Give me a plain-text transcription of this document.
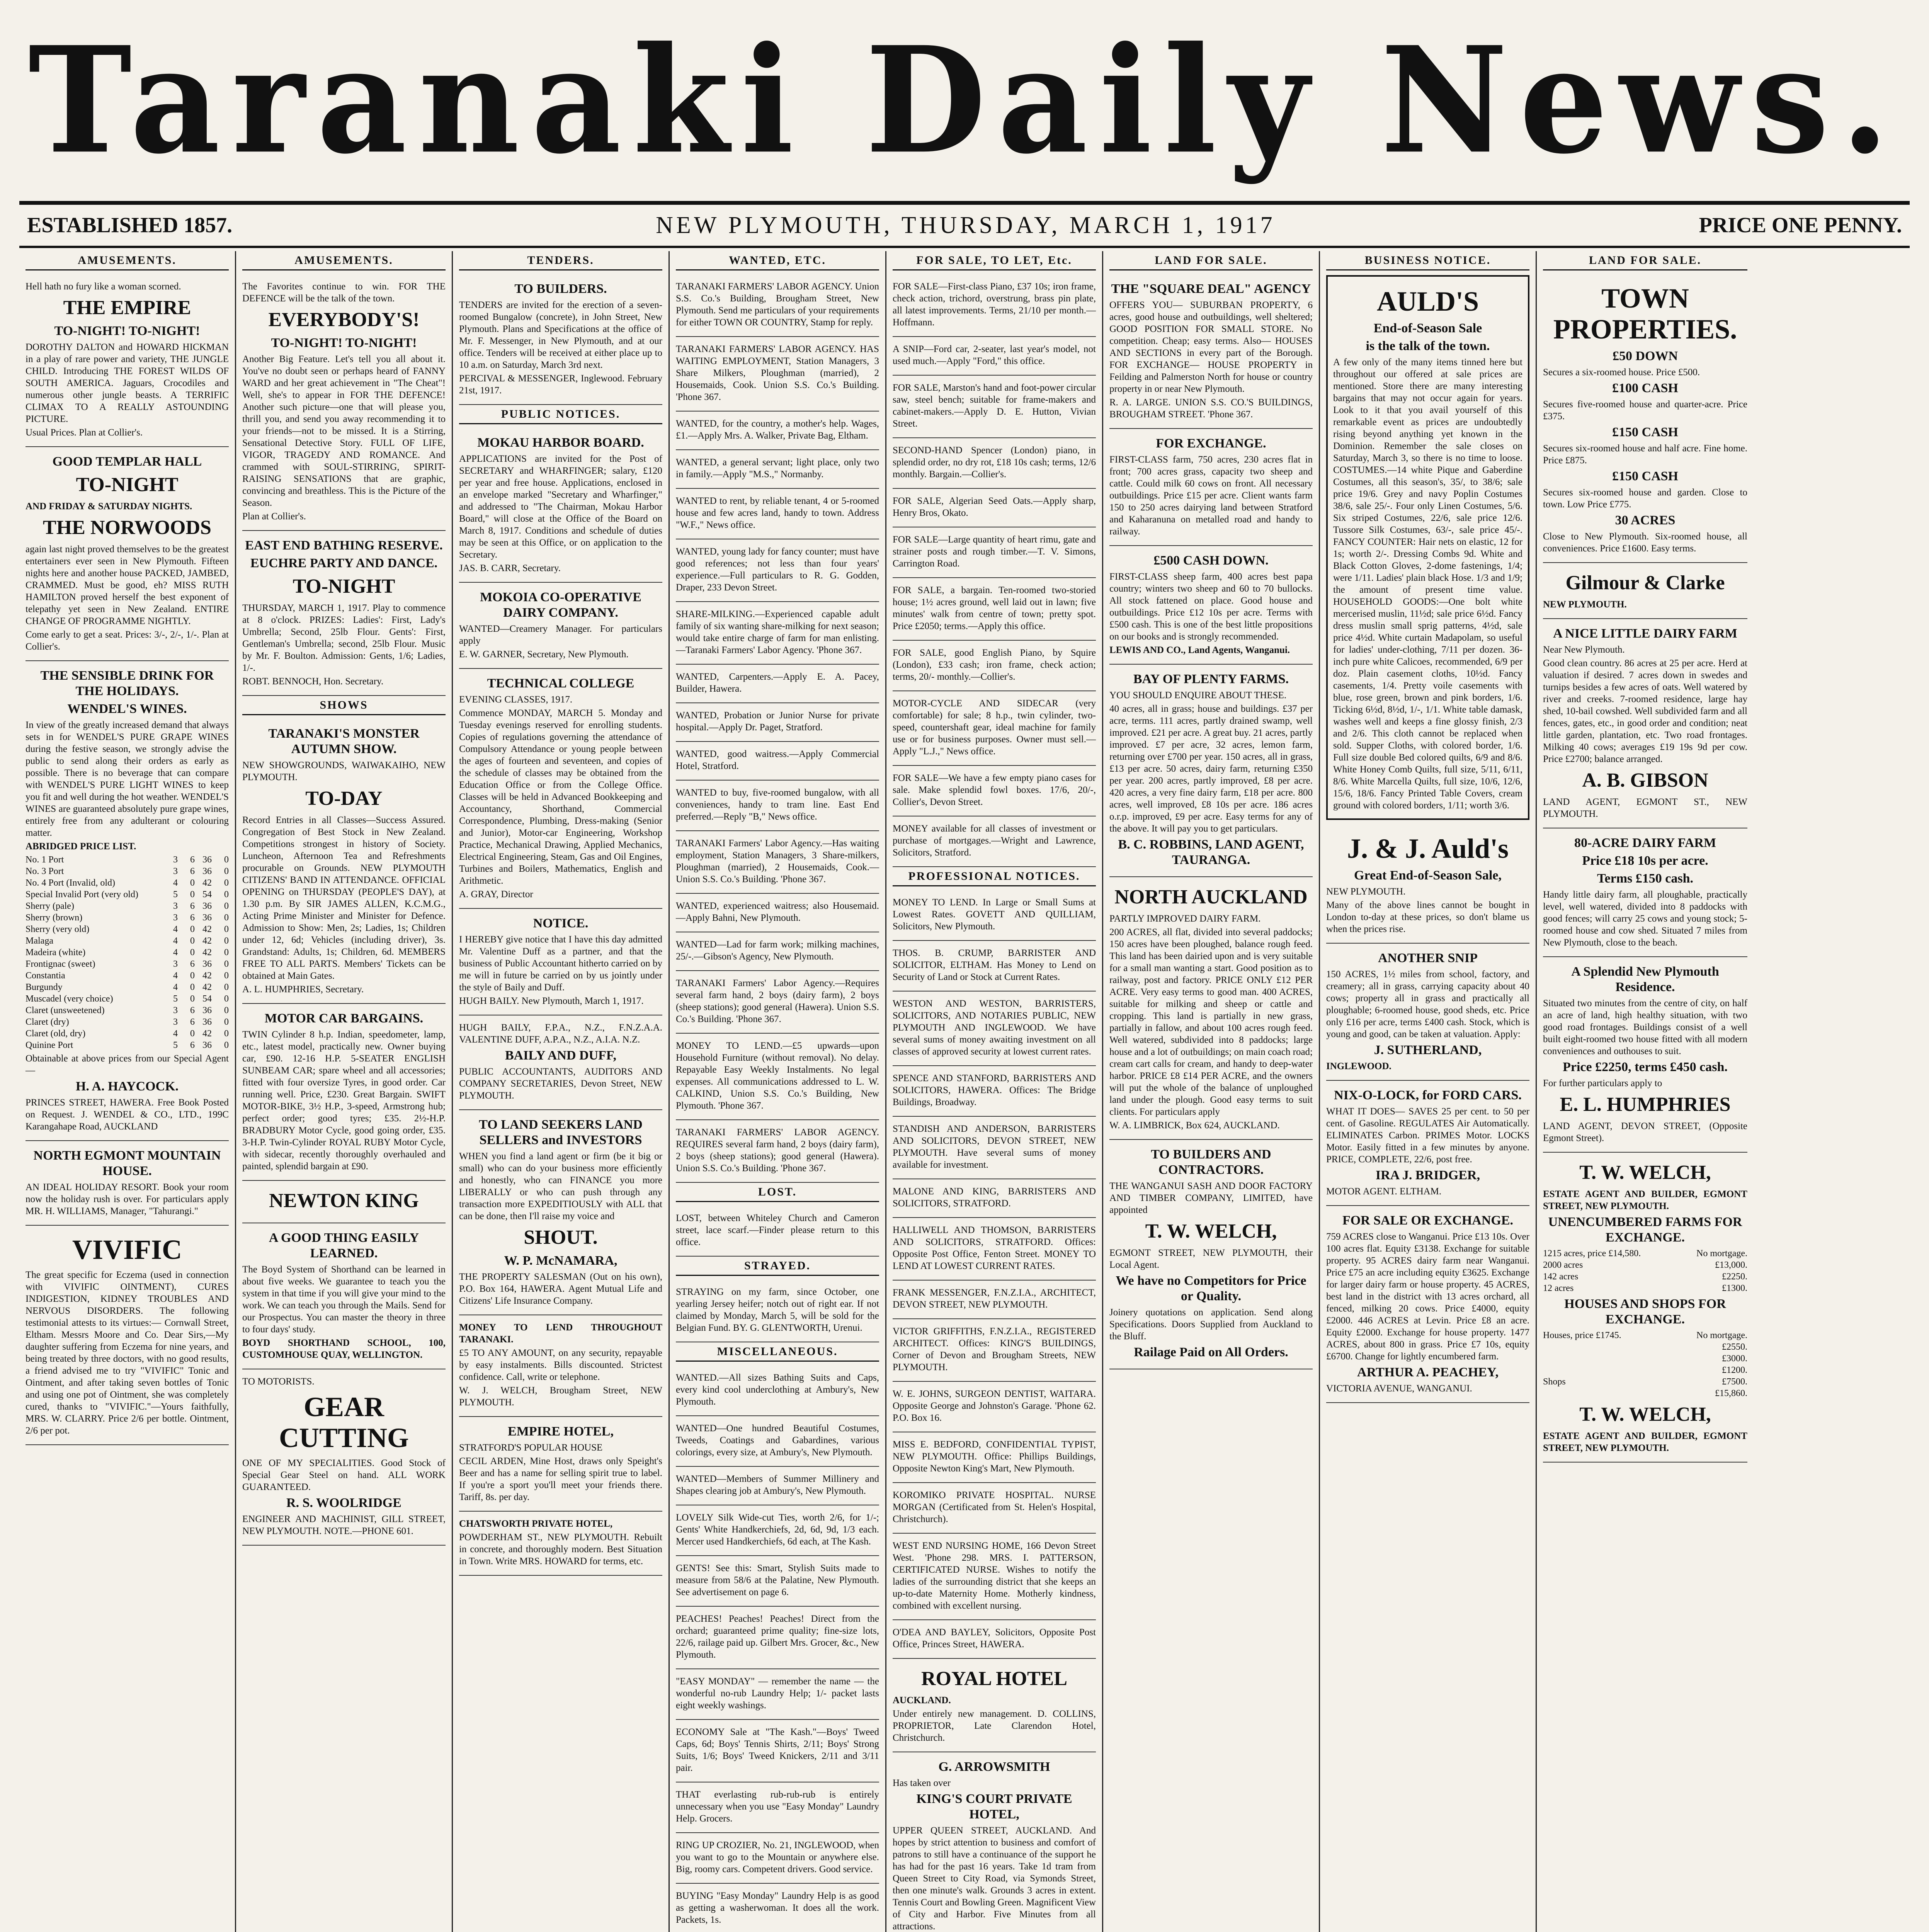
Taranaki Daily News.
ESTABLISHED 1857.	NEW PLYMOUTH, THURSDAY, MARCH 1, 1917	PRICE ONE PENNY.
AMUSEMENTS.

Hell hath no fury like a woman scorned.

THE EMPIRE
TO-NIGHT! TO-NIGHT!

DOROTHY DALTON and HOWARD HICKMAN in a play of rare power and variety, THE JUNGLE CHILD. Introducing THE FOREST WILDS OF SOUTH AMERICA. Jaguars, Crocodiles and numerous other jungle beasts. A TERRIFIC CLIMAX TO A REALLY ASTOUNDING PICTURE.

Usual Prices. Plan at Collier's.

GOOD TEMPLAR HALL
TO-NIGHT

AND FRIDAY & SATURDAY NIGHTS.

THE NORWOODS

again last night proved themselves to be the greatest entertainers ever seen in New Plymouth. Fifteen nights here and another house PACKED, JAMBED, CRAMMED. Must be good, eh? MISS RUTH HAMILTON proved herself the best exponent of telepathy yet seen in New Zealand. ENTIRE CHANGE OF PROGRAMME NIGHTLY.

Come early to get a seat. Prices: 3/-, 2/-, 1/-. Plan at Collier's.

THE SENSIBLE DRINK FOR THE HOLIDAYS.
WENDEL'S WINES.

In view of the greatly increased demand that always sets in for WENDEL'S PURE GRAPE WINES during the festive season, we strongly advise the public to send along their orders as early as possible. There is no beverage that can compare with WENDEL'S PURE LIGHT WINES to keep you fit and well during the hot weather. WENDEL'S WINES are guaranteed absolutely pure grape wines, entirely free from any adulterant or colouring matter.

ABRIDGED PRICE LIST.

No. 1 Port	3	6	36	0
No. 3 Port	3	6	36	0
No. 4 Port (Invalid, old)	4	0	42	0
Special Invalid Port (very old)	5	0	54	0
Sherry (pale)	3	6	36	0
Sherry (brown)	3	6	36	0
Sherry (very old)	4	0	42	0
Malaga	4	0	42	0
Madeira (white)	4	0	42	0
Frontignac (sweet)	3	6	36	0
Constantia	4	0	42	0
Burgundy	4	0	42	0
Muscadel (very choice)	5	0	54	0
Claret (unsweetened)	3	6	36	0
Claret (dry)	3	6	36	0
Claret (old, dry)	4	0	42	0
Quinine Port	5	6	36	0

Obtainable at above prices from our Special Agent—

H. A. HAYCOCK.

PRINCES STREET, HAWERA. Free Book Posted on Request. J. WENDEL & CO., LTD., 199C Karangahape Road, AUCKLAND

NORTH EGMONT MOUNTAIN HOUSE.

AN IDEAL HOLIDAY RESORT. Book your room now the holiday rush is over. For particulars apply MR. H. WILLIAMS, Manager, "Tahurangi."

VIVIFIC

The great specific for Eczema (used in connection with VIVIFIC OINTMENT), CURES INDIGESTION, KIDNEY TROUBLES AND NERVOUS DISORDERS. The following testimonial attests to its virtues:— Cornwall Street, Eltham. Messrs Moore and Co. Dear Sirs,—My daughter suffering from Eczema for nine years, and being treated by three doctors, with no good results, a friend advised me to try "VIVIFIC" Tonic and Ointment, and after taking seven bottles of Tonic and using one pot of Ointment, she was completely cured, thanks to "VIVIFIC."—Yours faithfully, MRS. W. CLARRY. Price 2/6 per bottle. Ointment, 2/6 per pot.

AMUSEMENTS.

The Favorites continue to win. FOR THE DEFENCE will be the talk of the town.

EVERYBODY'S!
TO-NIGHT! TO-NIGHT!

Another Big Feature. Let's tell you all about it. You've no doubt seen or perhaps heard of FANNY WARD and her great achievement in "The Cheat"! Well, she's to appear in FOR THE DEFENCE! Another such picture—one that will please you, thrill you, and send you away recommending it to your friends—not to be missed. It is a Stirring, Sensational Detective Story. FULL OF LIFE, VIGOR, TRAGEDY AND ROMANCE. And crammed with SOUL-STIRRING, SPIRIT-RAISING SENSATIONS that are graphic, convincing and breathless. This is the Picture of the Season.

Plan at Collier's.

EAST END BATHING RESERVE.
EUCHRE PARTY AND DANCE.
TO-NIGHT

THURSDAY, MARCH 1, 1917. Play to commence at 8 o'clock. PRIZES: Ladies': First, Lady's Umbrella; Second, 25lb Flour. Gents': First, Gentleman's Umbrella; second, 25lb Flour. Music by Mr. F. Boulton. Admission: Gents, 1/6; Ladies, 1/-.

ROBT. BENNOCH, Hon. Secretary.

SHOWS
TARANAKI'S MONSTER AUTUMN SHOW.

NEW SHOWGROUNDS, WAIWAKAIHO, NEW PLYMOUTH.

TO-DAY

Record Entries in all Classes—Success Assured. Congregation of Best Stock in New Zealand. Competitions strongest in history of Society. Luncheon, Afternoon Tea and Refreshments procurable on Grounds. NEW PLYMOUTH CITIZENS' BAND IN ATTENDANCE. OFFICIAL OPENING on THURSDAY (PEOPLE'S DAY), at 1.30 p.m. By SIR JAMES ALLEN, K.C.M.G., Acting Prime Minister and Minister for Defence. Admission to Show: Men, 2s; Ladies, 1s; Children under 12, 6d; Vehicles (including driver), 3s. Grandstand: Adults, 1s; Children, 6d. MEMBERS FREE TO ALL PARTS. Members' Tickets can be obtained at Main Gates.

A. L. HUMPHRIES, Secretary.

MOTOR CAR BARGAINS.

TWIN Cylinder 8 h.p. Indian, speedometer, lamp, etc., latest model, practically new. Owner buying car, £90. 12-16 H.P. 5-SEATER ENGLISH SUNBEAM CAR; spare wheel and all accessories; fitted with four oversize Tyres, in good order. Car running well. Price, £230. Great Bargain. SWIFT MOTOR-BIKE, 3½ H.P., 3-speed, Armstrong hub; perfect order; good tyres; £35. 2½-H.P. BRADBURY Motor Cycle, good going order, £35. 3-H.P. Twin-Cylinder ROYAL RUBY Motor Cycle, with sidecar, recently thoroughly overhauled and painted, splendid bargain at £90.

NEWTON KING
A GOOD THING EASILY LEARNED.

The Boyd System of Shorthand can be learned in about five weeks. We guarantee to teach you the system in that time if you will give your mind to the work. We can teach you through the Mails. Send for our Prospectus. You can master the theory in three to four days' study.

BOYD SHORTHAND SCHOOL, 100, CUSTOMHOUSE QUAY, WELLINGTON.

TO MOTORISTS.

GEAR CUTTING

ONE OF MY SPECIALITIES. Good Stock of Special Gear Steel on hand. ALL WORK GUARANTEED.

R. S. WOOLRIDGE

ENGINEER AND MACHINIST, GILL STREET, NEW PLYMOUTH. NOTE.—PHONE 601.

TENDERS.
TO BUILDERS.

TENDERS are invited for the erection of a seven-roomed Bungalow (concrete), in John Street, New Plymouth. Plans and Specifications at the office of Mr. F. Messenger, in New Plymouth, and at our office. Tenders will be received at either place up to 10 a.m. on Saturday, March 3rd next.

PERCIVAL & MESSENGER, Inglewood. February 21st, 1917.

PUBLIC NOTICES.
MOKAU HARBOR BOARD.

APPLICATIONS are invited for the Post of SECRETARY and WHARFINGER; salary, £120 per year and free house. Applications, enclosed in an envelope marked "Secretary and Wharfinger," and addressed to "The Chairman, Mokau Harbor Board," will close at the Office of the Board on March 8, 1917. Conditions and schedule of duties may be seen at this Office, or on application to the Secretary.

JAS. B. CARR, Secretary.

MOKOIA CO-OPERATIVE DAIRY COMPANY.

WANTED—Creamery Manager. For particulars apply

E. W. GARNER, Secretary, New Plymouth.

TECHNICAL COLLEGE

EVENING CLASSES, 1917.

Commence MONDAY, MARCH 5. Monday and Tuesday evenings reserved for enrolling students. Copies of regulations governing the attendance of Compulsory Attendance or young people between the ages of fourteen and seventeen, and copies of the schedule of classes may be obtained from the Education Office or from the College Office. Classes will be held in Advanced Bookkeeping and Accountancy, Shorthand, Commercial Correspondence, Plumbing, Dress-making (Senior and Junior), Motor-car Engineering, Workshop Practice, Mechanical Drawing, Applied Mechanics, Electrical Engineering, Steam, Gas and Oil Engines, Turbines and Boilers, Mathematics, English and Arithmetic.

A. GRAY, Director

NOTICE.

I HEREBY give notice that I have this day admitted Mr. Valentine Duff as a partner, and that the business of Public Accountant hitherto carried on by me will in future be carried on by us jointly under the style of Baily and Duff.

HUGH BAILY. New Plymouth, March 1, 1917.

HUGH BAILY, F.P.A., N.Z., F.N.Z.A.A. VALENTINE DUFF, A.P.A., N.Z., A.I.A. N.Z.

BAILY AND DUFF,

PUBLIC ACCOUNTANTS, AUDITORS AND COMPANY SECRETARIES, Devon Street, NEW PLYMOUTH.

TO LAND SEEKERS LAND SELLERS and INVESTORS

WHEN you find a land agent or firm (be it big or small) who can do your business more efficiently and honestly, who can FINANCE you more LIBERALLY or who can push through any transaction more EXPEDITIOUSLY with ALL that can be done, then I'll raise my voice and

SHOUT.
W. P. McNAMARA,

THE PROPERTY SALESMAN (Out on his own), P.O. Box 164, HAWERA. Agent Mutual Life and Citizens' Life Insurance Company.

MONEY TO LEND THROUGHOUT TARANAKI.

£5 TO ANY AMOUNT, on any security, repayable by easy instalments. Bills discounted. Strictest confidence. Call, write or telephone.

W. J. WELCH, Brougham Street, NEW PLYMOUTH.

EMPIRE HOTEL,

STRATFORD'S POPULAR HOUSE

CECIL ARDEN, Mine Host, draws only Speight's Beer and has a name for selling spirit true to label. If you're a sport you'll meet your friends there. Tariff, 8s. per day.

CHATSWORTH PRIVATE HOTEL,

POWDERHAM ST., NEW PLYMOUTH. Rebuilt in concrete, and thoroughly modern. Best Situation in Town. Write MRS. HOWARD for terms, etc.

WANTED, ETC.

TARANAKI FARMERS' LABOR AGENCY. Union S.S. Co.'s Building, Brougham Street, New Plymouth. Send me particulars of your requirements for either TOWN OR COUNTRY, Stamp for reply.

TARANAKI FARMERS' LABOR AGENCY. HAS WAITING EMPLOYMENT, Station Managers, 3 Share Milkers, Ploughman (married), 2 Housemaids, Cook. Union S.S. Co.'s Building. 'Phone 367.

WANTED, for the country, a mother's help. Wages, £1.—Apply Mrs. A. Walker, Private Bag, Eltham.

WANTED, a general servant; light place, only two in family.—Apply "M.S.," Normanby.

WANTED to rent, by reliable tenant, 4 or 5-roomed house and few acres land, handy to town. Address "W.F.," News office.

WANTED, young lady for fancy counter; must have good references; not less than four years' experience.—Full particulars to R. G. Godden, Draper, 233 Devon Street.

SHARE-MILKING.—Experienced capable adult family of six wanting share-milking for next season; would take entire charge of farm for man enlisting.—Taranaki Farmers' Labor Agency. 'Phone 367.

WANTED, Carpenters.—Apply E. A. Pacey, Builder, Hawera.

WANTED, Probation or Junior Nurse for private hospital.—Apply Dr. Paget, Stratford.

WANTED, good waitress.—Apply Commercial Hotel, Stratford.

WANTED to buy, five-roomed bungalow, with all conveniences, handy to tram line. East End preferred.—Reply "B," News office.

TARANAKI Farmers' Labor Agency.—Has waiting employment, Station Managers, 3 Share-milkers, Ploughman (married), 2 Housemaids, Cook.—Union S.S. Co.'s Building. 'Phone 367.

WANTED, experienced waitress; also Housemaid.—Apply Bahni, New Plymouth.

WANTED—Lad for farm work; milking machines, 25/-.—Gibson's Agency, New Plymouth.

TARANAKI Farmers' Labor Agency.—Requires several farm hand, 2 boys (dairy farm), 2 boys (sheep stations); good general (Hawera). Union S.S. Co.'s Building. 'Phone 367.

MONEY TO LEND.—£5 upwards—upon Household Furniture (without removal). No delay. Repayable Easy Weekly Instalments. No legal expenses. All communications addressed to L. W. CALKIND, Union S.S. Co.'s Building, New Plymouth. 'Phone 367.

TARANAKI FARMERS' LABOR AGENCY. REQUIRES several farm hand, 2 boys (dairy farm), 2 boys (sheep stations); good general (Hawera). Union S.S. Co.'s Building. 'Phone 367.

LOST.

LOST, between Whiteley Church and Cameron street, lace scarf.—Finder please return to this office.

STRAYED.

STRAYING on my farm, since October, one yearling Jersey heifer; notch out of right ear. If not claimed by Monday, March 5, will be sold for the Belgian Fund. BY. G. GLENTWORTH, Urenui.

MISCELLANEOUS.

WANTED.—All sizes Bathing Suits and Caps, every kind cool underclothing at Ambury's, New Plymouth.

WANTED—One hundred Beautiful Costumes, Tweeds, Coatings and Gabardines, various colorings, every size, at Ambury's, New Plymouth.

WANTED—Members of Summer Millinery and Shapes clearing job at Ambury's, New Plymouth.

LOVELY Silk Wide-cut Ties, worth 2/6, for 1/-; Gents' White Handkerchiefs, 2d, 6d, 9d, 1/3 each. Mercer used Handkerchiefs, 6d each, at The Kash.

GENTS! See this: Smart, Stylish Suits made to measure from 58/6 at the Palatine, New Plymouth. See advertisement on page 6.

PEACHES! Peaches! Peaches! Direct from the orchard; guaranteed prime quality; fine-size lots, 22/6, railage paid up. Gilbert Mrs. Grocer, &c., New Plymouth.

"EASY MONDAY" — remember the name — the wonderful no-rub Laundry Help; 1/- packet lasts eight weekly washings.

ECONOMY Sale at "The Kash."—Boys' Tweed Caps, 6d; Boys' Tennis Shirts, 2/11; Boys' Strong Suits, 1/6; Boys' Tweed Knickers, 2/11 and 3/11 pair.

THAT everlasting rub-rub-rub is entirely unnecessary when you use "Easy Monday" Laundry Help. Grocers.

RING UP CROZIER, No. 21, INGLEWOOD, when you want to go to the Mountain or anywhere else. Big, roomy cars. Competent drivers. Good service.

BUYING "Easy Monday" Laundry Help is as good as getting a washerwoman. It does all the work. Packets, 1s.

FOR SALE, TO LET, Etc.

FOR SALE—First-class Piano, £37 10s; iron frame, check action, trichord, overstrung, brass pin plate, all latest improvements. Terms, 21/10 per month.—Hoffmann.

A SNIP—Ford car, 2-seater, last year's model, not used much.—Apply "Ford," this office.

FOR SALE, Marston's hand and foot-power circular saw, steel bench; suitable for frame-makers and cabinet-makers.—Apply D. E. Hutton, Vivian Street.

SECOND-HAND Spencer (London) piano, in splendid order, no dry rot, £18 10s cash; terms, 12/6 monthly. Bargain.—Collier's.

FOR SALE, Algerian Seed Oats.—Apply sharp, Henry Bros, Okato.

FOR SALE—Large quantity of heart rimu, gate and strainer posts and rough timber.—T. V. Simons, Carrington Road.

FOR SALE, a bargain. Ten-roomed two-storied house; 1½ acres ground, well laid out in lawn; five minutes' walk from centre of town; pretty spot. Price £2050; terms.—Apply this office.

FOR SALE, good English Piano, by Squire (London), £33 cash; iron frame, check action; terms, 20/- monthly.—Collier's.

MOTOR-CYCLE AND SIDECAR (very comfortable) for sale; 8 h.p., twin cylinder, two-speed, countershaft gear, ideal machine for family use or for business purposes. Owner must sell.—Apply "L.J.," News office.

FOR SALE—We have a few empty piano cases for sale. Make splendid fowl boxes. 17/6, 20/-, Collier's, Devon Street.

MONEY available for all classes of investment or purchase of mortgages.—Wright and Lawrence, Solicitors, Stratford.

PROFESSIONAL NOTICES.

MONEY TO LEND. In Large or Small Sums at Lowest Rates. GOVETT AND QUILLIAM, Solicitors, New Plymouth.

THOS. B. CRUMP, BARRISTER AND SOLICITOR, ELTHAM. Has Money to Lend on Security of Land or Stock at Current Rates.

WESTON AND WESTON, BARRISTERS, SOLICITORS, AND NOTARIES PUBLIC, NEW PLYMOUTH AND INGLEWOOD. We have several sums of money awaiting investment on all classes of approved security at lowest current rates.

SPENCE AND STANFORD, BARRISTERS AND SOLICITORS, HAWERA. Offices: The Bridge Buildings, Broadway.

STANDISH AND ANDERSON, BARRISTERS AND SOLICITORS, DEVON STREET, NEW PLYMOUTH. Have several sums of money available for investment.

MALONE AND KING, BARRISTERS AND SOLICITORS, STRATFORD.

HALLIWELL AND THOMSON, BARRISTERS AND SOLICITORS, STRATFORD. Offices: Opposite Post Office, Fenton Street. MONEY TO LEND AT LOWEST CURRENT RATES.

FRANK MESSENGER, F.N.Z.I.A., ARCHITECT, DEVON STREET, NEW PLYMOUTH.

VICTOR GRIFFITHS, F.N.Z.I.A., REGISTERED ARCHITECT. Offices: KING'S BUILDINGS, Corner of Devon and Brougham Streets, NEW PLYMOUTH.

W. E. JOHNS, SURGEON DENTIST, WAITARA. Opposite George and Johnston's Garage. 'Phone 62. P.O. Box 16.

MISS E. BEDFORD, CONFIDENTIAL TYPIST, NEW PLYMOUTH. Office: Phillips Buildings, Opposite Newton King's Mart, New Plymouth.

KOROMIKO PRIVATE HOSPITAL. NURSE MORGAN (Certificated from St. Helen's Hospital, Christchurch).

WEST END NURSING HOME, 166 Devon Street West. 'Phone 298. MRS. I. PATTERSON, CERTIFICATED NURSE. Wishes to notify the ladies of the surrounding district that she keeps an up-to-date Maternity Home. Motherly kindness, combined with excellent nursing.

O'DEA AND BAYLEY, Solicitors, Opposite Post Office, Princes Street, HAWERA.

ROYAL HOTEL

AUCKLAND.

Under entirely new management. D. COLLINS, PROPRIETOR, Late Clarendon Hotel, Christchurch.

G. ARROWSMITH

Has taken over

KING'S COURT PRIVATE HOTEL,

UPPER QUEEN STREET, AUCKLAND. And hopes by strict attention to business and comfort of patrons to still have a continuance of the support he has had for the past 16 years. Take 1d tram from Queen Street to City Road, via Symonds Street, then one minute's walk. Grounds 3 acres in extent. Tennis Court and Bowling Green. Magnificent View of City and Harbor. Five Minutes from all attractions.

LAND FOR SALE.
THE "SQUARE DEAL" AGENCY

OFFERS YOU— SUBURBAN PROPERTY, 6 acres, good house and outbuildings, well sheltered; GOOD POSITION FOR SMALL STORE. No competition. Cheap; easy terms. Also— HOUSES AND SECTIONS in every part of the Borough. FOR EXCHANGE— HOUSE PROPERTY in Feilding and Palmerston North for house or country property in or near New Plymouth.

R. A. LARGE. UNION S.S. CO.'S BUILDINGS, BROUGHAM STREET. 'Phone 367.

FOR EXCHANGE.

FIRST-CLASS farm, 750 acres, 230 acres flat in front; 700 acres grass, capacity two sheep and cattle. Could milk 60 cows on front. All necessary outbuildings. Price £15 per acre. Client wants farm 150 to 250 acres dairying land between Stratford and Kaharanuna on metalled road and handy to railway.

£500 CASH DOWN.

FIRST-CLASS sheep farm, 400 acres best papa country; winters two sheep and 60 to 70 bullocks. All stock fattened on place. Good house and outbuildings. Price £12 10s per acre. Terms with £500 cash. This is one of the best little propositions on our books and is strongly recommended.

LEWIS AND CO., Land Agents, Wanganui.

BAY OF PLENTY FARMS.

YOU SHOULD ENQUIRE ABOUT THESE.

40 acres, all in grass; house and buildings. £37 per acre, terms. 111 acres, partly drained swamp, well improved. £21 per acre. A great buy. 21 acres, partly improved. £7 per acre, 32 acres, lemon farm, returning over £700 per year. 150 acres, all in grass, £13 per acre. 50 acres, dairy farm, returning £350 per year. 200 acres, partly improved, £8 per acre. 420 acres, a very fine dairy farm, £18 per acre. 800 acres, well improved, £8 10s per acre. 186 acres o.r.p. improved, £9 per acre. Easy terms for any of the above. It will pay you to get particulars.

B. C. ROBBINS, LAND AGENT, TAURANGA.
NORTH AUCKLAND

PARTLY IMPROVED DAIRY FARM.

200 ACRES, all flat, divided into several paddocks; 150 acres have been ploughed, balance rough feed. This land has been dairied upon and is very suitable for a small man wanting a start. Good position as to railway, post and factory. PRICE ONLY £12 PER ACRE. Very easy terms to good man. 400 ACRES, suitable for milking and sheep or cattle and cropping. This land is partially in new grass, partially in fallow, and about 100 acres rough feed. Well watered, subdivided into 8 paddocks; large house and a lot of outbuildings; on main coach road; cream cart calls for cream, and handy to deep-water harbor. PRICE £8 £14 PER ACRE, and the owners will put the whole of the balance of unploughed land under the plough. Good easy terms to suit clients. For particulars apply

W. A. LIMBRICK, Box 624, AUCKLAND.

TO BUILDERS AND CONTRACTORS.

THE WANGANUI SASH AND DOOR FACTORY AND TIMBER COMPANY, LIMITED, have appointed

T. W. WELCH,

EGMONT STREET, NEW PLYMOUTH, their Local Agent.

We have no Competitors for Price or Quality.

Joinery quotations on application. Send along Specifications. Doors Supplied from Auckland to the Bluff.

Railage Paid on All Orders.
BUSINESS NOTICE.
AULD'S
End-of-Season Sale
is the talk of the town.

A few only of the many items tinned here but throughout our offered at sale prices are mentioned. Store there are many interesting bargains that may not occur again for years. Look to it that you avail yourself of this remarkable event as prices are undoubtedly rising beyond anything yet known in the Dominion. Remember the sale closes on Saturday, March 3, so there is no time to loose. COSTUMES.—14 white Pique and Gaberdine Costumes, all this season's, 35/, to 38/6; sale price 19/6. Grey and navy Poplin Costumes 38/6, sale 25/-. Four only Linen Costumes, 5/6. Six striped Costumes, 22/6, sale price 12/6. Tussore Silk Costumes, 63/-, sale price 45/-. FANCY COUNTER: Hair nets on elastic, 12 for 1s; worth 2/-. Dressing Combs 9d. White and Black Cotton Gloves, 2-dome fastenings, 1/4; were 1/11. Ladies' plain black Hose. 1/3 and 1/9; the amount of present time value. HOUSEHOLD GOODS:—One bolt white mercerised muslin, 11½d; sale price 6½d. Fancy dress muslin small sprig patterns, 4½d, sale price 4½d. White curtain Madapolam, so useful for ladies' under-clothing, 7/11 per dozen. 36-inch pure white Calicoes, recommended, 6/9 per doz. Plain casement cloths, 10½d. Fancy casements, 1/4. Pretty voile casements with blue, rose green, brown and pink borders, 1/6. Ticking 6½d, 8½d, 1/-, 1/1. White table damask, washes well and keeps a fine glossy finish, 2/3 and 2/6. This cloth cannot be replaced when sold. Supper Cloths, with colored border, 1/6. Full size double Bed colored quilts, 6/9 and 8/6. White Honey Comb Quilts, full size, 5/11, 6/11, 8/6. White Marcella Quilts, full size, 10/6, 12/6, 15/6, 18/6. Fancy Printed Table Covers, cream ground with colored borders, 1/11; worth 3/6.

J. & J. Auld's
Great End-of-Season Sale,

NEW PLYMOUTH.

Many of the above lines cannot be bought in London to-day at these prices, so don't blame us when the prices rise.

ANOTHER SNIP

150 ACRES, 1½ miles from school, factory, and creamery; all in grass, carrying capacity about 40 cows; property all in grass and practically all ploughable; 6-roomed house, good sheds, etc. Price only £16 per acre, terms £400 cash. Stock, which is young and good, can be taken at valuation. Apply:

J. SUTHERLAND,

INGLEWOOD.

NIX-O-LOCK, for FORD CARS.

WHAT IT DOES— SAVES 25 per cent. to 50 per cent. of Gasoline. REGULATES Air Automatically. ELIMINATES Carbon. PRIMES Motor. LOCKS Motor. Easily fitted in a few minutes by anyone. PRICE, COMPLETE, 22/6, post free.

IRA J. BRIDGER,

MOTOR AGENT. ELTHAM.

FOR SALE OR EXCHANGE.

759 ACRES close to Wanganui. Price £13 10s. Over 100 acres flat. Equity £3138. Exchange for suitable property. 95 ACRES dairy farm near Wanganui. Price £75 an acre including equity £3625. Exchange for larger dairy farm or house property. 45 ACRES, best land in the district with 13 acres orchard, all fenced, milking 20 cows. Price £4000, equity £2000. 446 ACRES at Levin. Price £8 an acre. Equity £2000. Exchange for house property. 1477 ACRES, about 800 in grass. Price £7 10s, equity £6700. Change for lightly encumbered farm.

ARTHUR A. PEACHEY,

VICTORIA AVENUE, WANGANUI.

LAND FOR SALE.
TOWN PROPERTIES.
£50 DOWN

Secures a six-roomed house. Price £500.

£100 CASH

Secures five-roomed house and quarter-acre. Price £375.

£150 CASH

Secures six-roomed house and half acre. Fine home. Price £875.

£150 CASH

Secures six-roomed house and garden. Close to town. Low Price £775.

30 ACRES

Close to New Plymouth. Six-roomed house, all conveniences. Price £1600. Easy terms.

Gilmour & Clarke

NEW PLYMOUTH.

A NICE LITTLE DAIRY FARM

Near New Plymouth.

Good clean country. 86 acres at 25 per acre. Herd at valuation if desired. 7 acres down in swedes and turnips besides a few acres of oats. Well watered by river and creeks. 7-roomed residence, large hay shed, 10-bail cowshed. Well subdivided farm and all fences, gates, etc., in good order and condition; neat little garden, plantation, etc. Two road frontages. Milking 40 cows; averages £19 19s 9d per cow. Price £2700; balance arranged.

A. B. GIBSON

LAND AGENT, EGMONT ST., NEW PLYMOUTH.

80-ACRE DAIRY FARM
Price £18 10s per acre.
Terms £150 cash.

Handy little dairy farm, all ploughable, practically level, well watered, divided into 8 paddocks with good fences; will carry 25 cows and young stock; 5-roomed house and cow shed. Situated 7 miles from New Plymouth, close to the beach.

A Splendid New Plymouth Residence.

Situated two minutes from the centre of city, on half an acre of land, high healthy situation, with two good road frontages. Buildings consist of a well built eight-roomed two house fitted with all modern conveniences and outhouses to suit.

Price £2250, terms £450 cash.

For further particulars apply to

E. L. HUMPHRIES

LAND AGENT, DEVON STREET, (Opposite Egmont Street).

T. W. WELCH,

ESTATE AGENT AND BUILDER, EGMONT STREET, NEW PLYMOUTH.

UNENCUMBERED FARMS FOR EXCHANGE.
1215 acres, price £14,580.	No mortgage.
2000 acres	£13,000.
142 acres	£2250.
12 acres	£1300.
HOUSES AND SHOPS FOR EXCHANGE.
Houses, price £1745.	No mortgage.
	£2550.
	£3000.
	£1200.
Shops	£7500.
	£15,860.
T. W. WELCH,

ESTATE AGENT AND BUILDER, EGMONT STREET, NEW PLYMOUTH.
